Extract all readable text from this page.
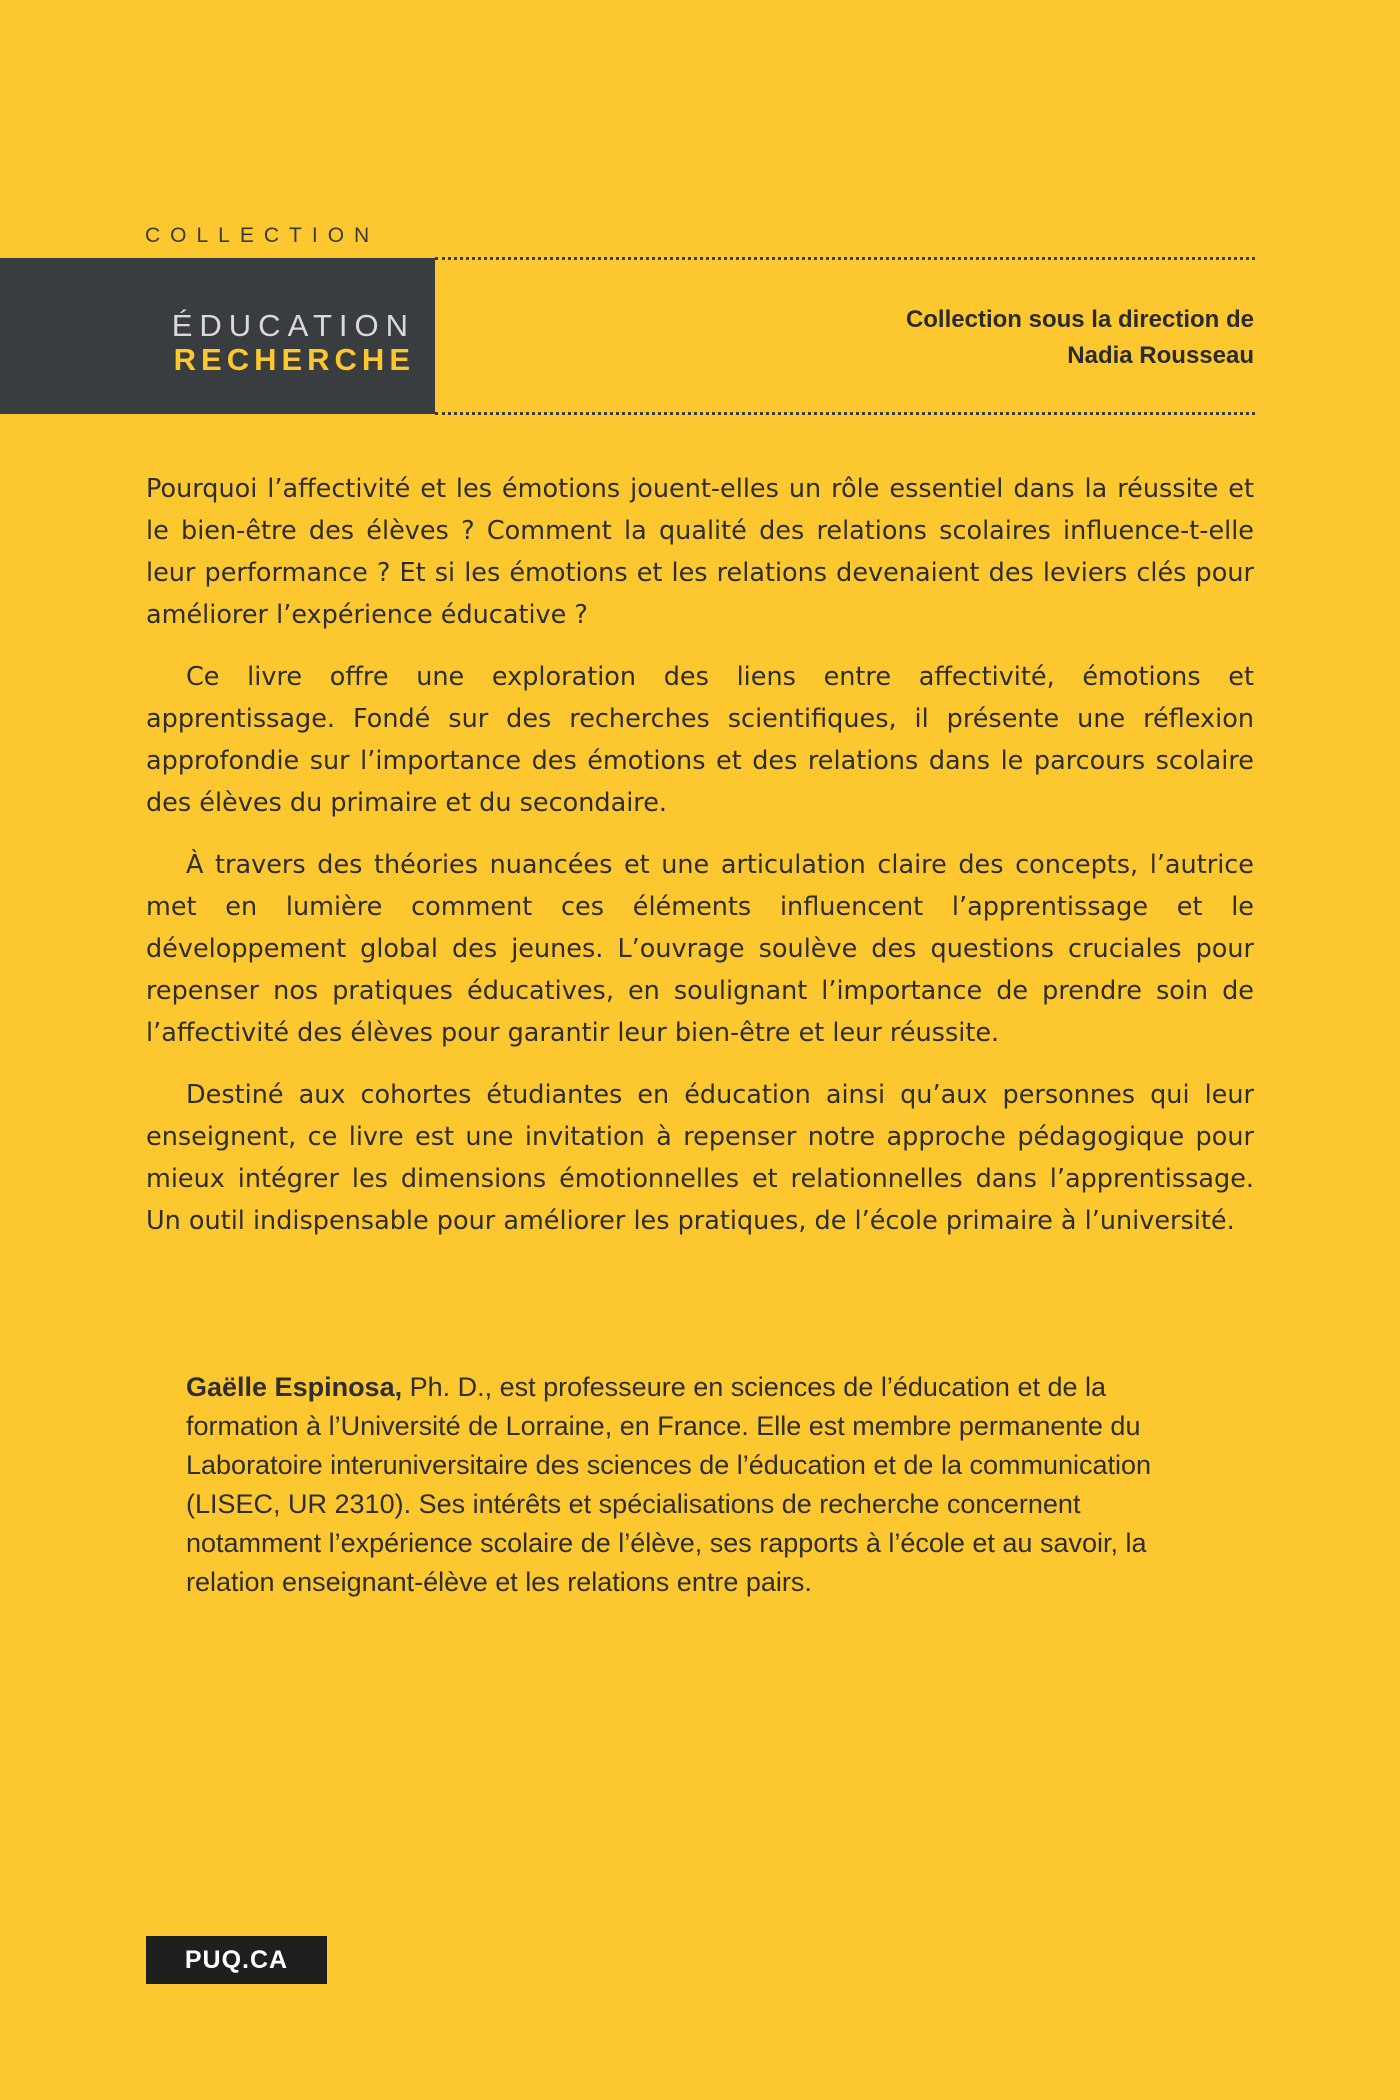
COLLECTION
ÉDUCATION
RECHERCHE
Collection sous la direction de
Nadia Rousseau

Pourquoi l’affectivité et les émotions jouent-elles un rôle essentiel dans la réussite et le bien-être des élèves ? Comment la qualité des relations scolaires influence-t-elle leur performance ? Et si les émotions et les relations devenaient des leviers clés pour améliorer l’expérience éducative ?

Ce livre offre une exploration des liens entre affectivité, émotions et apprentissage. Fondé sur des recherches scientifiques, il présente une réflexion approfondie sur l’importance des émotions et des relations dans le parcours scolaire des élèves du primaire et du secondaire.

À travers des théories nuancées et une articulation claire des concepts, l’autrice met en lumière comment ces éléments influencent l’apprentissage et le développement global des jeunes. L’ouvrage soulève des questions cruciales pour repenser nos pratiques éducatives, en soulignant l’importance de prendre soin de l’affectivité des élèves pour garantir leur bien-être et leur réussite.

Destiné aux cohortes étudiantes en éducation ainsi qu’aux personnes qui leur enseignent, ce livre est une invitation à repenser notre approche pédagogique pour mieux intégrer les dimensions émotionnelles et relationnelles dans l’apprentissage. Un outil indispensable pour améliorer les pratiques, de l’école primaire à l’université.

Gaëlle Espinosa, Ph. D., est professeure en sciences de l’éducation et de la formation à l’Université de Lorraine, en France. Elle est membre permanente du Laboratoire interuniversitaire des sciences de l’éducation et de la communication (LISEC, UR 2310). Ses intérêts et spécialisations de recherche concernent notamment l’expérience scolaire de l’élève, ses rapports à l’école et au savoir, la relation enseignant-élève et les relations entre pairs.
PUQ.CA
